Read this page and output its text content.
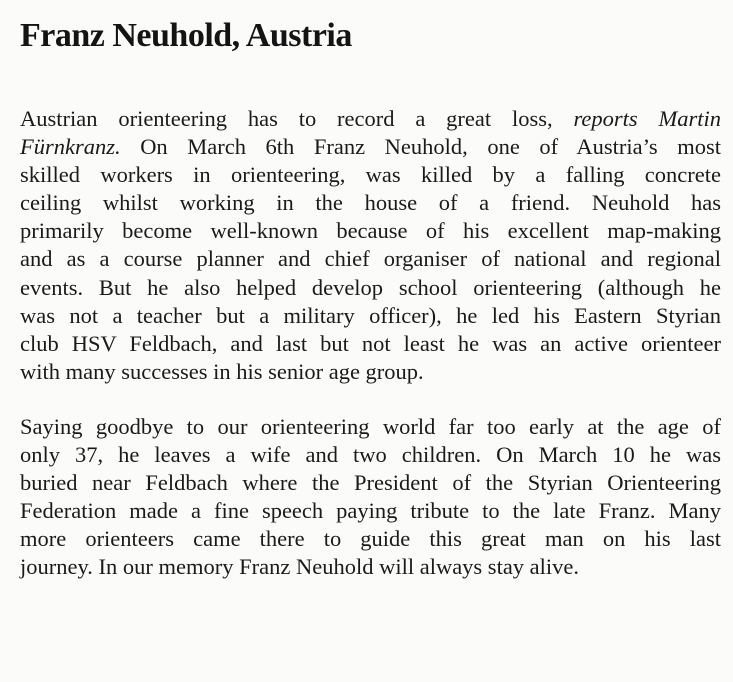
Franz Neuhold, Austria

Austrian orienteering has to record a great loss, reports Martin
Fürnkranz. On March 6th Franz Neuhold, one of Austria’s most
skilled workers in orienteering, was killed by a falling concrete
ceiling whilst working in the house of a friend. Neuhold has
primarily become well-known because of his excellent map-making
and as a course planner and chief organiser of national and regional
events. But he also helped develop school orienteering (although he
was not a teacher but a military officer), he led his Eastern Styrian
club HSV Feldbach, and last but not least he was an active orienteer
with many successes in his senior age group.

Saying goodbye to our orienteering world far too early at the age of
only 37, he leaves a wife and two children. On March 10 he was
buried near Feldbach where the President of the Styrian Orienteering
Federation made a fine speech paying tribute to the late Franz. Many
more orienteers came there to guide this great man on his last
journey. In our memory Franz Neuhold will always stay alive.
